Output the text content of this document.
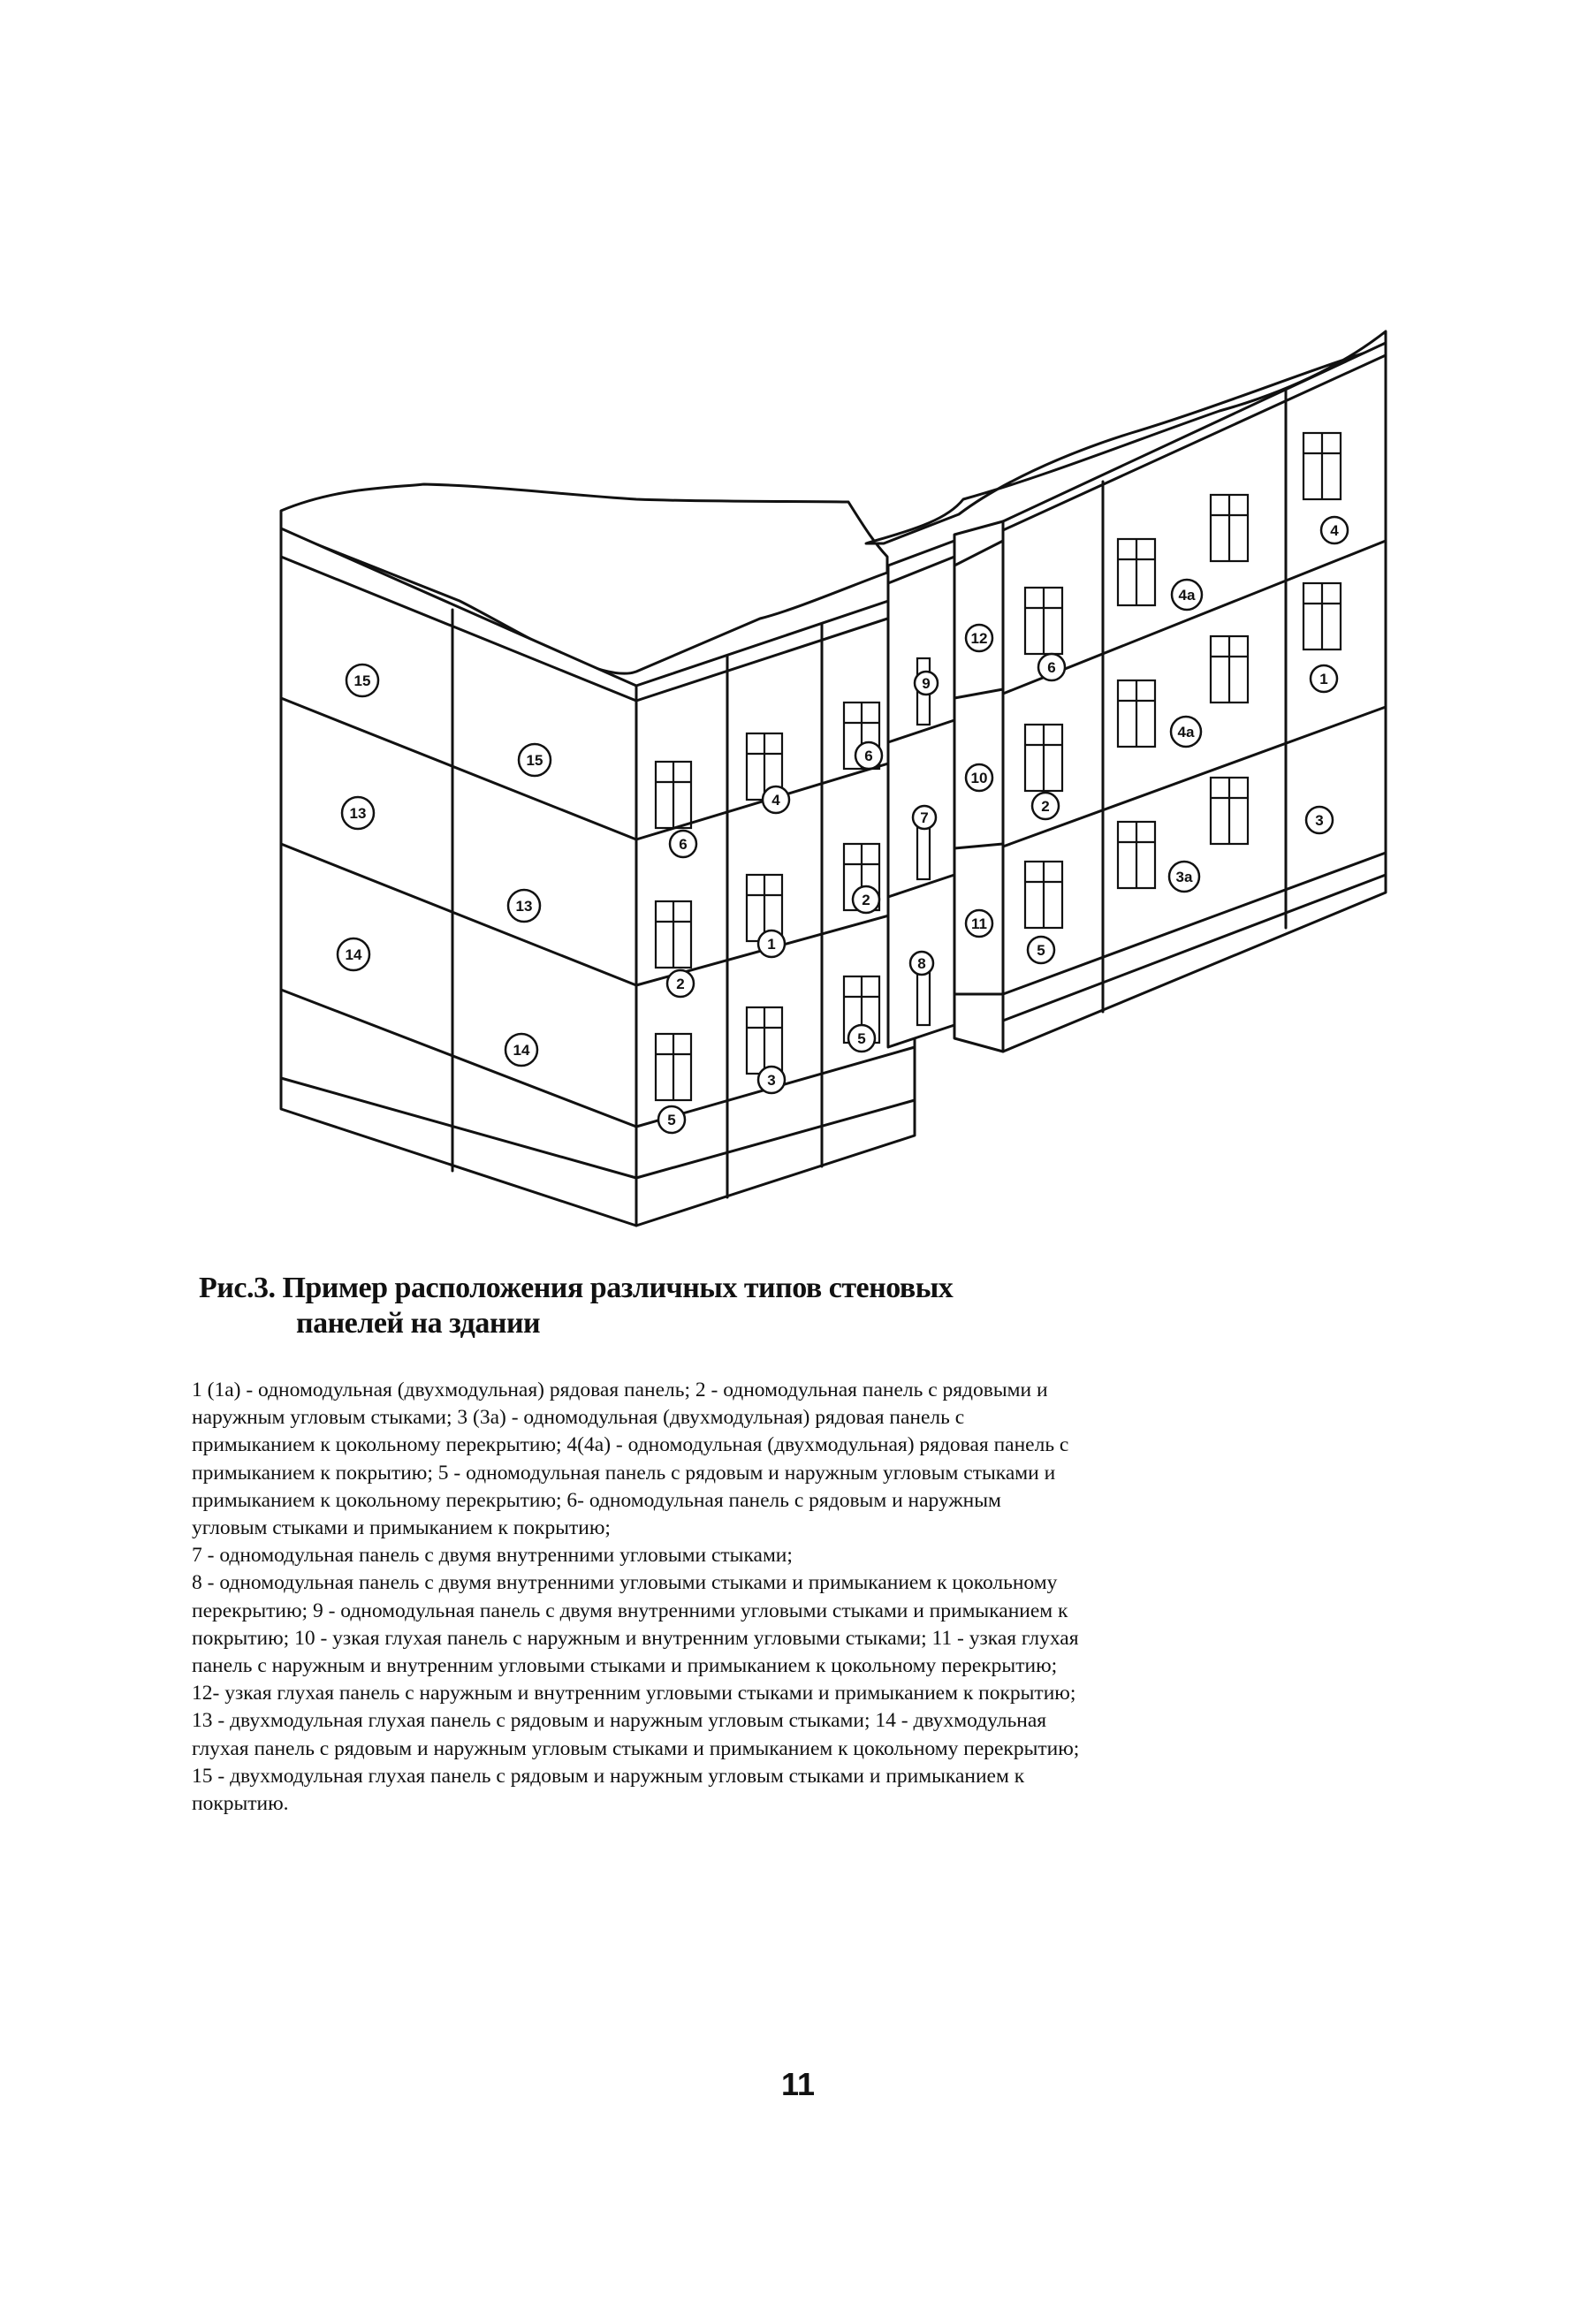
15
15
13
13
14
14
6
4
6
2
1
2
5
3
5
9
7
8
12
10
11
6
2
5
4a
4a
3a
4
1
3
Рис.3. Пример расположения различных типов стеновых
панелей на здании

1 (1а) - одномодульная (двухмодульная) рядовая панель; 2 - одномодульная панель с рядовыми и наружным угловым стыками; 3 (3а) - одномодульная (двухмодульная) рядовая панель с примыканием к цокольному перекрытию; 4(4а) - одномодульная (двухмодульная) рядовая панель с примыканием к покрытию; 5 - одномодульная панель с рядовым и наружным угловым стыками и примыканием к цокольному перекрытию; 6- одномодульная панель с рядовым и наружным угловым стыками и примыканием к покрытию;

7 - одномодульная панель с двумя внутренними угловыми стыками;

8 - одномодульная панель с двумя внутренними угловыми стыками и примыканием к цокольному перекрытию; 9 - одномодульная панель с двумя внутренними угловыми стыками и примыканием к покрытию; 10 - узкая глухая панель с наружным и внутренним угловыми стыками; 11 - узкая глухая панель с наружным и внутренним угловыми стыками и примыканием к цокольному перекрытию;

12- узкая глухая панель с наружным и внутренним угловыми стыками и примыканием к покрытию; 13 - двухмодульная глухая панель с рядовым и наружным угловым стыками; 14 - двухмодульная глухая панель с рядовым и наружным угловым стыками и примыканием к цокольному перекрытию;

15 - двухмодульная глухая панель с рядовым и наружным угловым стыками и примыканием к покрытию.

11
